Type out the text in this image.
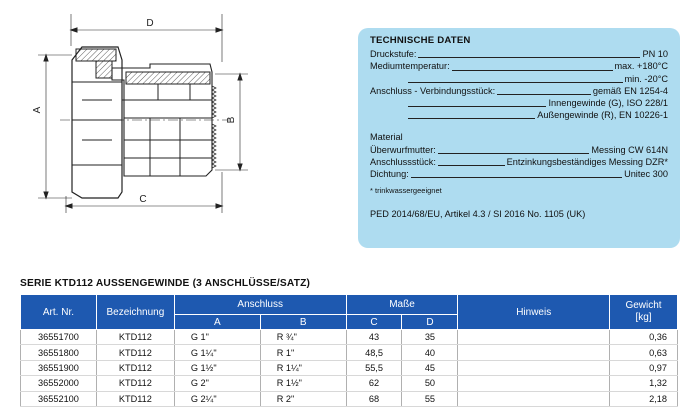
D
A
B
C
TECHNISCHE DATEN
Druckstufe:	PN 10
Mediumtemperatur:	max. +180°C
min. -20°C
Anschluss - Verbindungsstück:	gemäß EN 1254-4
Innengewinde (G), ISO 228/1
Außengewinde (R), EN 10226-1
Material
Überwurfmutter:	Messing CW 614N
Anschlussstück:	Entzinkungsbeständiges Messing DZR*
Dichtung:	Unitec 300
* trinkwassergeeignet
PED 2014/68/EU, Artikel 4.3 / SI 2016 No. 1105 (UK)
SERIE KTD112 AUSSENGEWINDE (3 ANSCHLÜSSE/SATZ)
Art. Nr.	Bezeichnung	Anschluss		Maße		Hinweis	Gewicht
[kg]
		A	B	C	D		
36551700	KTD112	G 1"	R ¾"	43	35		0,36
36551800	KTD112	G 1¼"	R 1"	48,5	40		0,63
36551900	KTD112	G 1½"	R 1¼"	55,5	45		0,97
36552000	KTD112	G 2"	R 1½"	62	50		1,32
36552100	KTD112	G 2¼"	R 2"	68	55		2,18
